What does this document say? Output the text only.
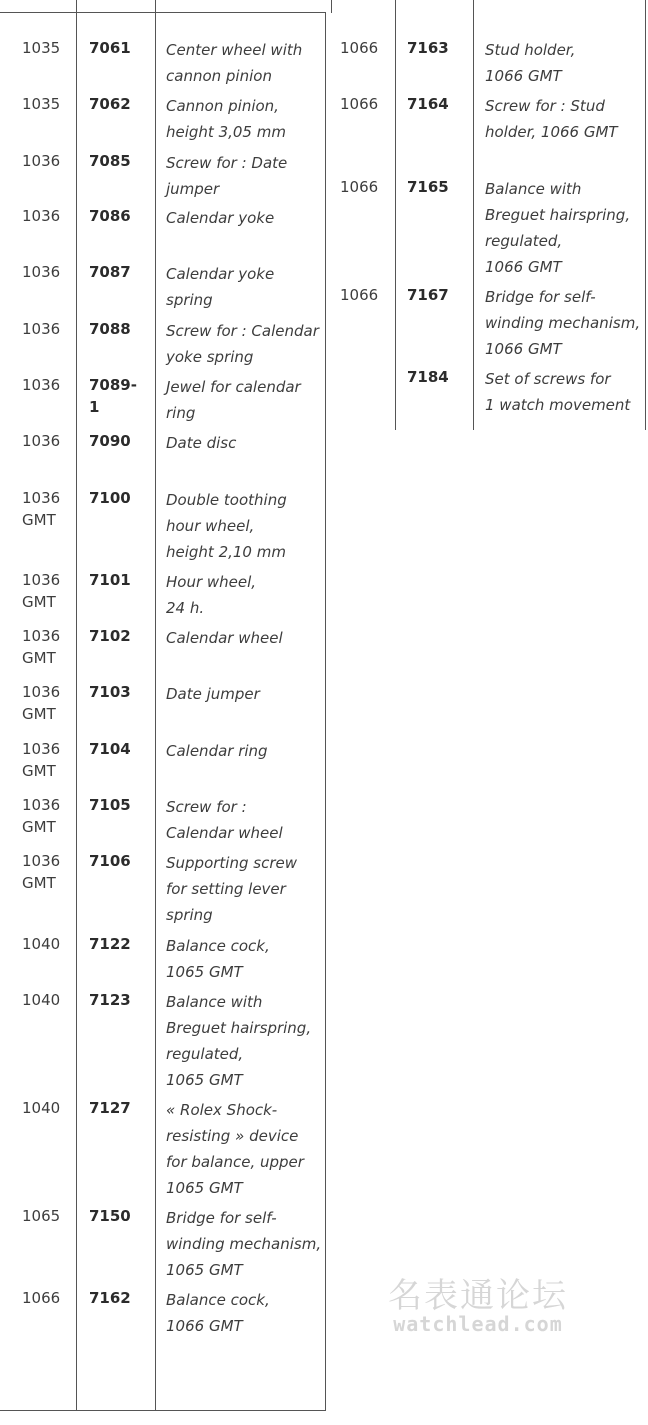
1035 7061 Center wheel with
cannon pinion
1035 7062 Cannon pinion,
height 3,05 mm
1036 7085 Screw for : Date
jumper
1036 7086 Calendar yoke
1036 7087 Calendar yoke
spring
1036 7088 Screw for : Calendar
yoke spring
1036 7089-1
Jewel for calendar
ring
1036 7090 Date disc
1036
GMT
7100 Double toothing
hour wheel,
height 2,10 mm
1036
GMT
7101 Hour wheel,
24 h.
1036
GMT
7102 Calendar wheel
1036
GMT
7103 Date jumper
1036
GMT
7104 Calendar ring
1036
GMT
7105 Screw for :
Calendar wheel
1036
GMT
7106 Supporting screw
for setting lever
spring
1040 7122 Balance cock,
1065 GMT
1040 7123 Balance with
Breguet hairspring,
regulated,
1065 GMT
1040 7127 « Rolex Shock-
resisting » device
for balance, upper
1065 GMT
1065 7150 Bridge for self-
winding mechanism,
1065 GMT
1066 7162 Balance cock,
1066 GMT
1066 7163 Stud holder,
1066 GMT
1066 7164 Screw for : Stud
holder, 1066 GMT
1066 7165 Balance with
Breguet hairspring,
regulated,
1066 GMT
1066 7167 Bridge for self-
winding mechanism,
1066 GMT
7184 Set of screws for
1 watch movement
名表通论坛
watchlead.com
